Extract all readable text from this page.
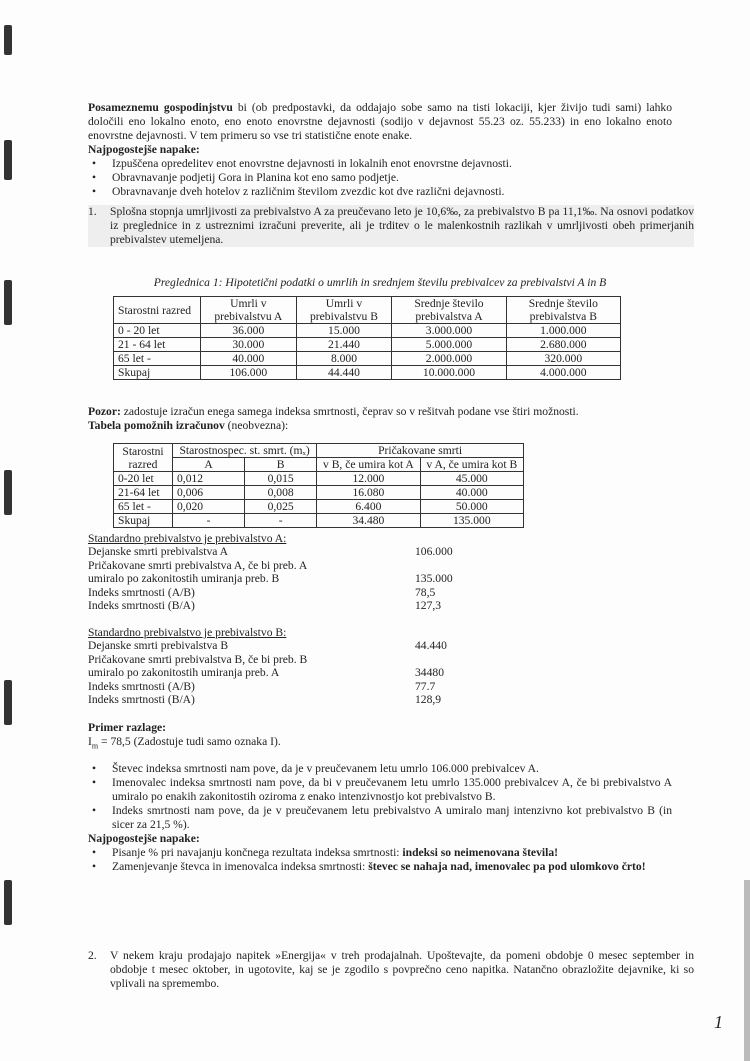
Posameznemu gospodinjstvu bi (ob predpostavki, da oddajajo sobe samo na tisti lokaciji, kjer živijo tudi sami) lahko določili eno lokalno enoto, eno enoto enovrstne dejavnosti (sodijo v dejavnost 55.23 oz. 55.233) in eno lokalno enoto enovrstne dejavnosti. V tem primeru so vse tri statistične enote enake.
Najpogostejše napake:
• Izpuščena opredelitev enot enovrstne dejavnosti in lokalnih enot enovrstne dejavnosti.
• Obravnavanje podjetij Gora in Planina kot eno samo podjetje.
• Obravnavanje dveh hotelov z različnim številom zvezdic kot dve različni dejavnosti.
1. Splošna stopnja umrljivosti za prebivalstvo A za preučevano leto je 10,6‰, za prebivalstvo B pa 11,1‰. Na osnovi podatkov iz preglednice in z ustreznimi izračuni preverite, ali je trditev o le malenkostnih razlikah v umrljivosti obeh primerjanih prebivalstev utemeljena.
Preglednica 1: Hipotetični podatki o umrlih in srednjem številu prebivalcev za prebivalstvi A in B
Starostni razred	Umrli v prebivalstvu A	Umrli v prebivalstvu B	Srednje število prebivalstva A	Srednje število prebivalstva B
0 - 20 let	36.000	15.000	3.000.000	1.000.000
21 - 64 let	30.000	21.440	5.000.000	2.680.000
65 let -	40.000	8.000	2.000.000	320.000
Skupaj	106.000	44.440	10.000.000	4.000.000
Pozor: zadostuje izračun enega samega indeksa smrtnosti, čeprav so v rešitvah podane vse štiri možnosti.
Tabela pomožnih izračunov (neobvezna):
Starostni razred	Starostnospec. st. smrt. (mₓ)		Pričakovane smrti	
	A	B	v B, če umira kot A	v A, če umira kot B
0-20 let	0,012	0,015	12.000	45.000
21-64 let	0,006	0,008	16.080	40.000
65 let -	0,020	0,025	6.400	50.000
Skupaj	-	-	34.480	135.000
Standardno prebivalstvo je prebivalstvo A:
Dejanske smrti prebivalstva A	106.000
Pričakovane smrti prebivalstva A, če bi preb. A
umiralo po zakonitostih umiranja preb. B	135.000
Indeks smrtnosti (A/B)	78,5
Indeks smrtnosti (B/A)	127,3
Standardno prebivalstvo je prebivalstvo B:
Dejanske smrti prebivalstva B	44.440
Pričakovane smrti prebivalstva B, če bi preb. B
umiralo po zakonitostih umiranja preb. A	34480
Indeks smrtnosti (A/B)	77.7
Indeks smrtnosti (B/A)	128,9
Primer razlage:
$I_m = 78,5$ (Zadostuje tudi samo oznaka I).
• Števec indeksa smrtnosti nam pove, da je v preučevanem letu umrlo 106.000 prebivalcev A.
• Imenovalec indeksa smrtnosti nam pove, da bi v preučevanem letu umrlo 135.000 prebivalcev A, če bi prebivalstvo A umiralo po enakih zakonitostih oziroma z enako intenzivnostjo kot prebivalstvo B.
• Indeks smrtnosti nam pove, da je v preučevanem letu prebivalstvo A umiralo manj intenzivno kot prebivalstvo B (in sicer za 21,5 %).
Najpogostejše napake:
• Pisanje % pri navajanju končnega rezultata indeksa smrtnosti: indeksi so neimenovana števila!
• Zamenjevanje števca in imenovalca indeksa smrtnosti: števec se nahaja nad, imenovalec pa pod ulomkovo črto!
2. V nekem kraju prodajajo napitek »Energija« v treh prodajalnah. Upoštevajte, da pomeni obdobje 0 mesec september in obdobje t mesec oktober, in ugotovite, kaj se je zgodilo s povprečno ceno napitka. Natančno obrazložite dejavnike, ki so vplivali na spremembo.
1
